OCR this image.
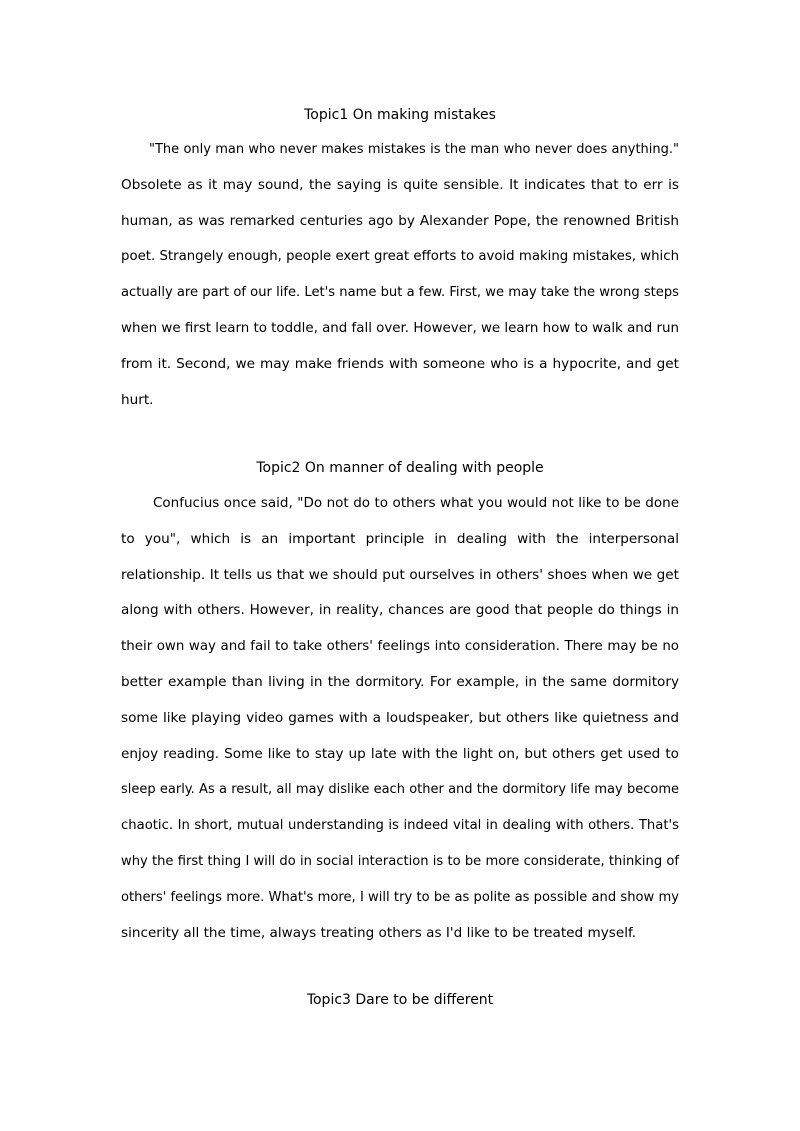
Topic1 On making mistakes
"The only man who never makes mistakes is the man who never does anything."
Obsolete as it may sound, the saying is quite sensible. It indicates that to err is
human, as was remarked centuries ago by Alexander Pope, the renowned British
poet. Strangely enough, people exert great efforts to avoid making mistakes, which
actually are part of our life. Let's name but a few. First, we may take the wrong steps
when we first learn to toddle, and fall over. However, we learn how to walk and run
from it. Second, we may make friends with someone who is a hypocrite, and get
hurt.
Topic2 On manner of dealing with people
Confucius once said, "Do not do to others what you would not like to be done
to you", which is an important principle in dealing with the interpersonal
relationship. It tells us that we should put ourselves in others' shoes when we get
along with others. However, in reality, chances are good that people do things in
their own way and fail to take others' feelings into consideration. There may be no
better example than living in the dormitory. For example, in the same dormitory
some like playing video games with a loudspeaker, but others like quietness and
enjoy reading. Some like to stay up late with the light on, but others get used to
sleep early. As a result, all may dislike each other and the dormitory life may become
chaotic. In short, mutual understanding is indeed vital in dealing with others. That's
why the first thing I will do in social interaction is to be more considerate, thinking of
others' feelings more. What's more, I will try to be as polite as possible and show my
sincerity all the time, always treating others as I'd like to be treated myself.
Topic3 Dare to be different
